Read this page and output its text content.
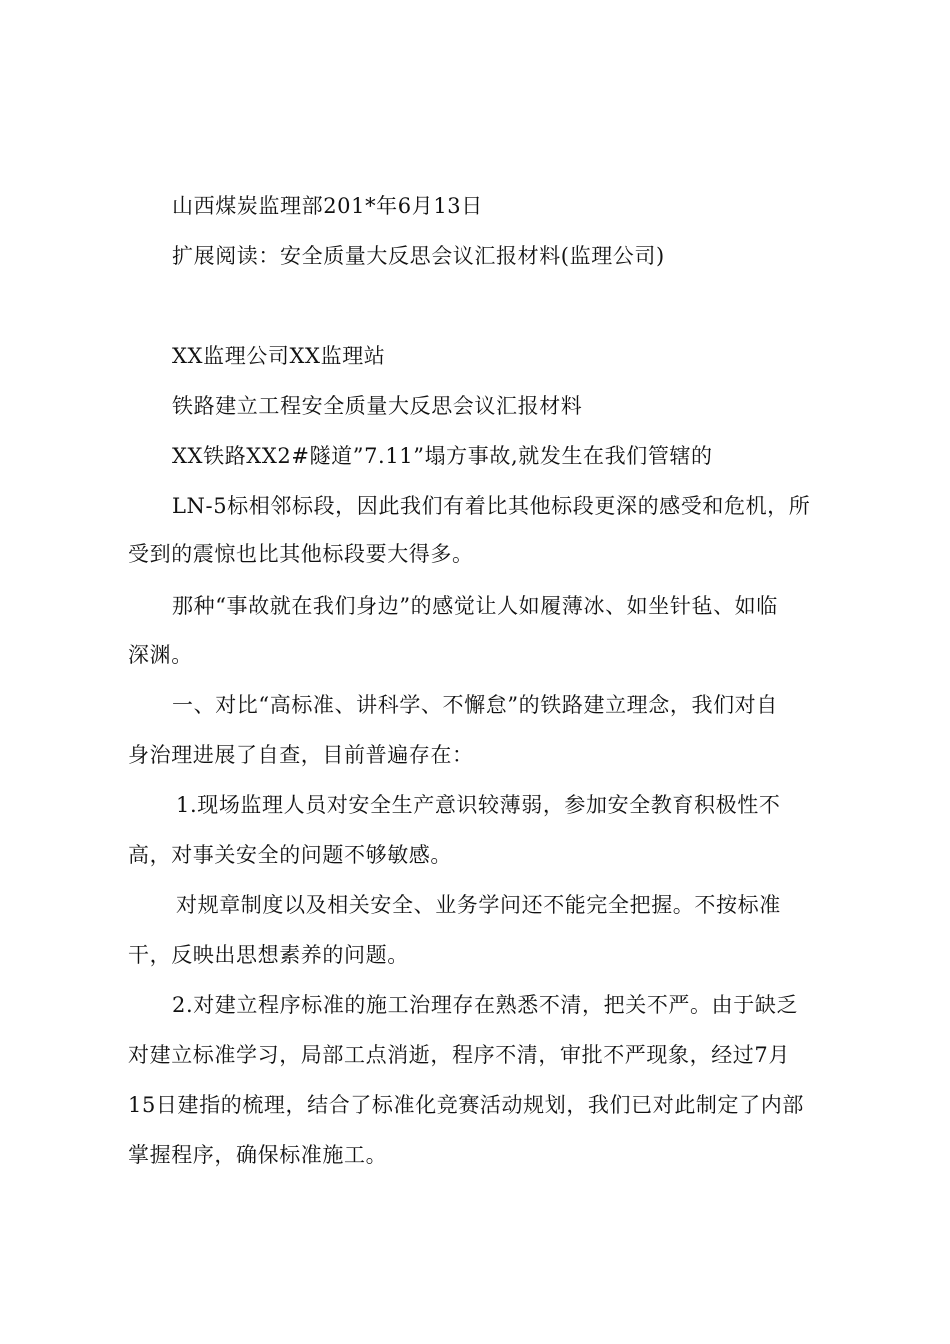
山西煤炭监理部201*年6月13日
扩展阅读：安全质量大反思会议汇报材料(监理公司)
XX监理公司XX监理站
铁路建立工程安全质量大反思会议汇报材料
XX铁路XX2#隧道”7.11”塌方事故,就发生在我们管辖的
LN-5标相邻标段，因此我们有着比其他标段更深的感受和危机，所
受到的震惊也比其他标段要大得多。
那种“事故就在我们身边”的感觉让人如履薄冰、如坐针毡、如临
深渊。
一、对比“高标准、讲科学、不懈怠”的铁路建立理念，我们对自
身治理进展了自查，目前普遍存在：
1.现场监理人员对安全生产意识较薄弱，参加安全教育积极性不
高，对事关安全的问题不够敏感。
对规章制度以及相关安全、业务学问还不能完全把握。不按标准
干，反映出思想素养的问题。
2.对建立程序标准的施工治理存在熟悉不清，把关不严。由于缺乏
对建立标准学习，局部工点消逝，程序不清，审批不严现象，经过7月
15日建指的梳理，结合了标准化竞赛活动规划，我们已对此制定了内部
掌握程序，确保标准施工。
